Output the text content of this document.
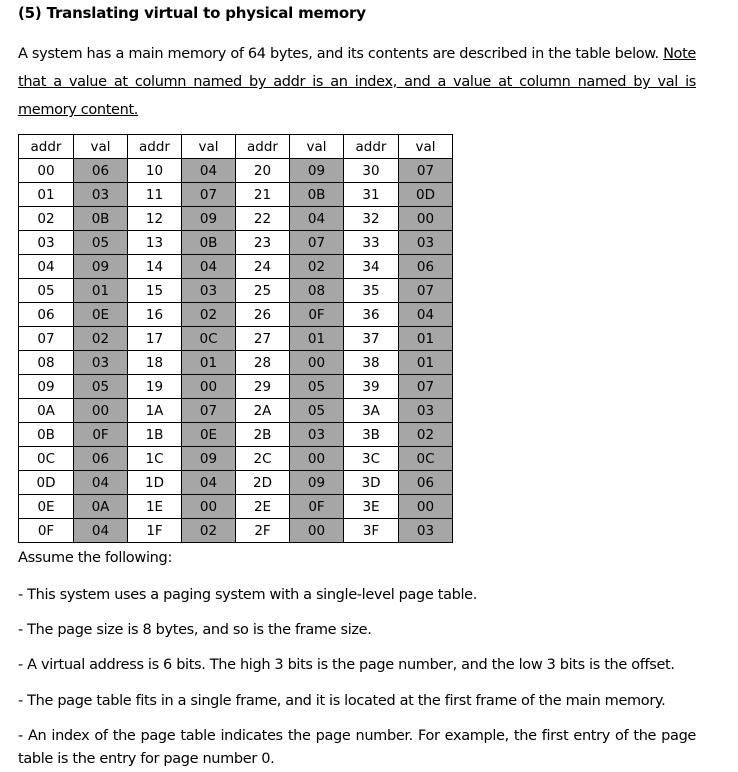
(5) Translating virtual to physical memory
A system has a main memory of 64 bytes, and its contents are described in the table below. Note that a value at column named by addr is an index, and a value at column named by val is memory content.
addr	val	addr	val	addr	val	addr	val
00	06	10	04	20	09	30	07
01	03	11	07	21	0B	31	0D
02	0B	12	09	22	04	32	00
03	05	13	0B	23	07	33	03
04	09	14	04	24	02	34	06
05	01	15	03	25	08	35	07
06	0E	16	02	26	0F	36	04
07	02	17	0C	27	01	37	01
08	03	18	01	28	00	38	01
09	05	19	00	29	05	39	07
0A	00	1A	07	2A	05	3A	03
0B	0F	1B	0E	2B	03	3B	02
0C	06	1C	09	2C	00	3C	0C
0D	04	1D	04	2D	09	3D	06
0E	0A	1E	00	2E	0F	3E	00
0F	04	1F	02	2F	00	3F	03
Assume the following:
- This system uses a paging system with a single-level page table.
- The page size is 8 bytes, and so is the frame size.
- A virtual address is 6 bits. The high 3 bits is the page number, and the low 3 bits is the offset.
- The page table fits in a single frame, and it is located at the first frame of the main memory.
- An index of the page table indicates the page number. For example, the first entry of the page table is the entry for page number 0.
